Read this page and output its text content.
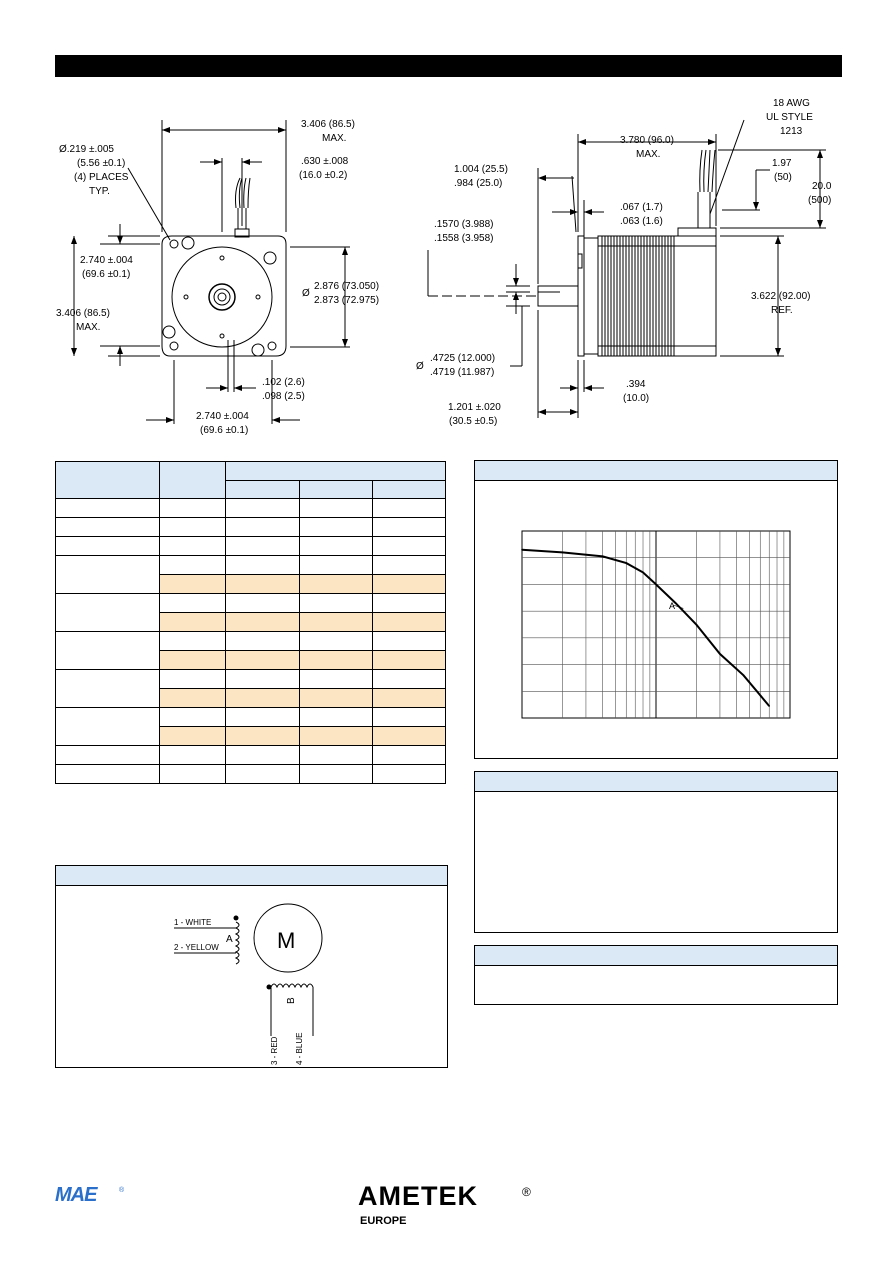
Ø.219 ±.005
(5.56 ±0.1)
(4) PLACES
TYP.
3.406 (86.5)
MAX.
.630 ±.008
(16.0 ±0.2)
Ø
2.876 (73.050)
2.873 (72.975)
2.740 ±.004
(69.6 ±0.1)
3.406 (86.5)
MAX.
.102 (2.6)
.098 (2.5)
2.740 ±.004
(69.6 ±0.1)
18 AWG
UL STYLE
1213
3.780 (96.0)
MAX.
1.97
(50)
20.0
(500)
1.004 (25.5)
.984 (25.0)
.067 (1.7)
.063 (1.6)
.1570 (3.988)
.1558 (3.958)
3.622 (92.00)
REF.
Ø
.4725 (12.000)
.4719 (11.987)
.394
(10.0)
1.201 ±.020
(30.5 ±0.5)

A
1 - WHITE
2 - YELLOW
A M
B
3 - RED 4 - BLUE
MAE	®	AMETEK	®
EUROPE
